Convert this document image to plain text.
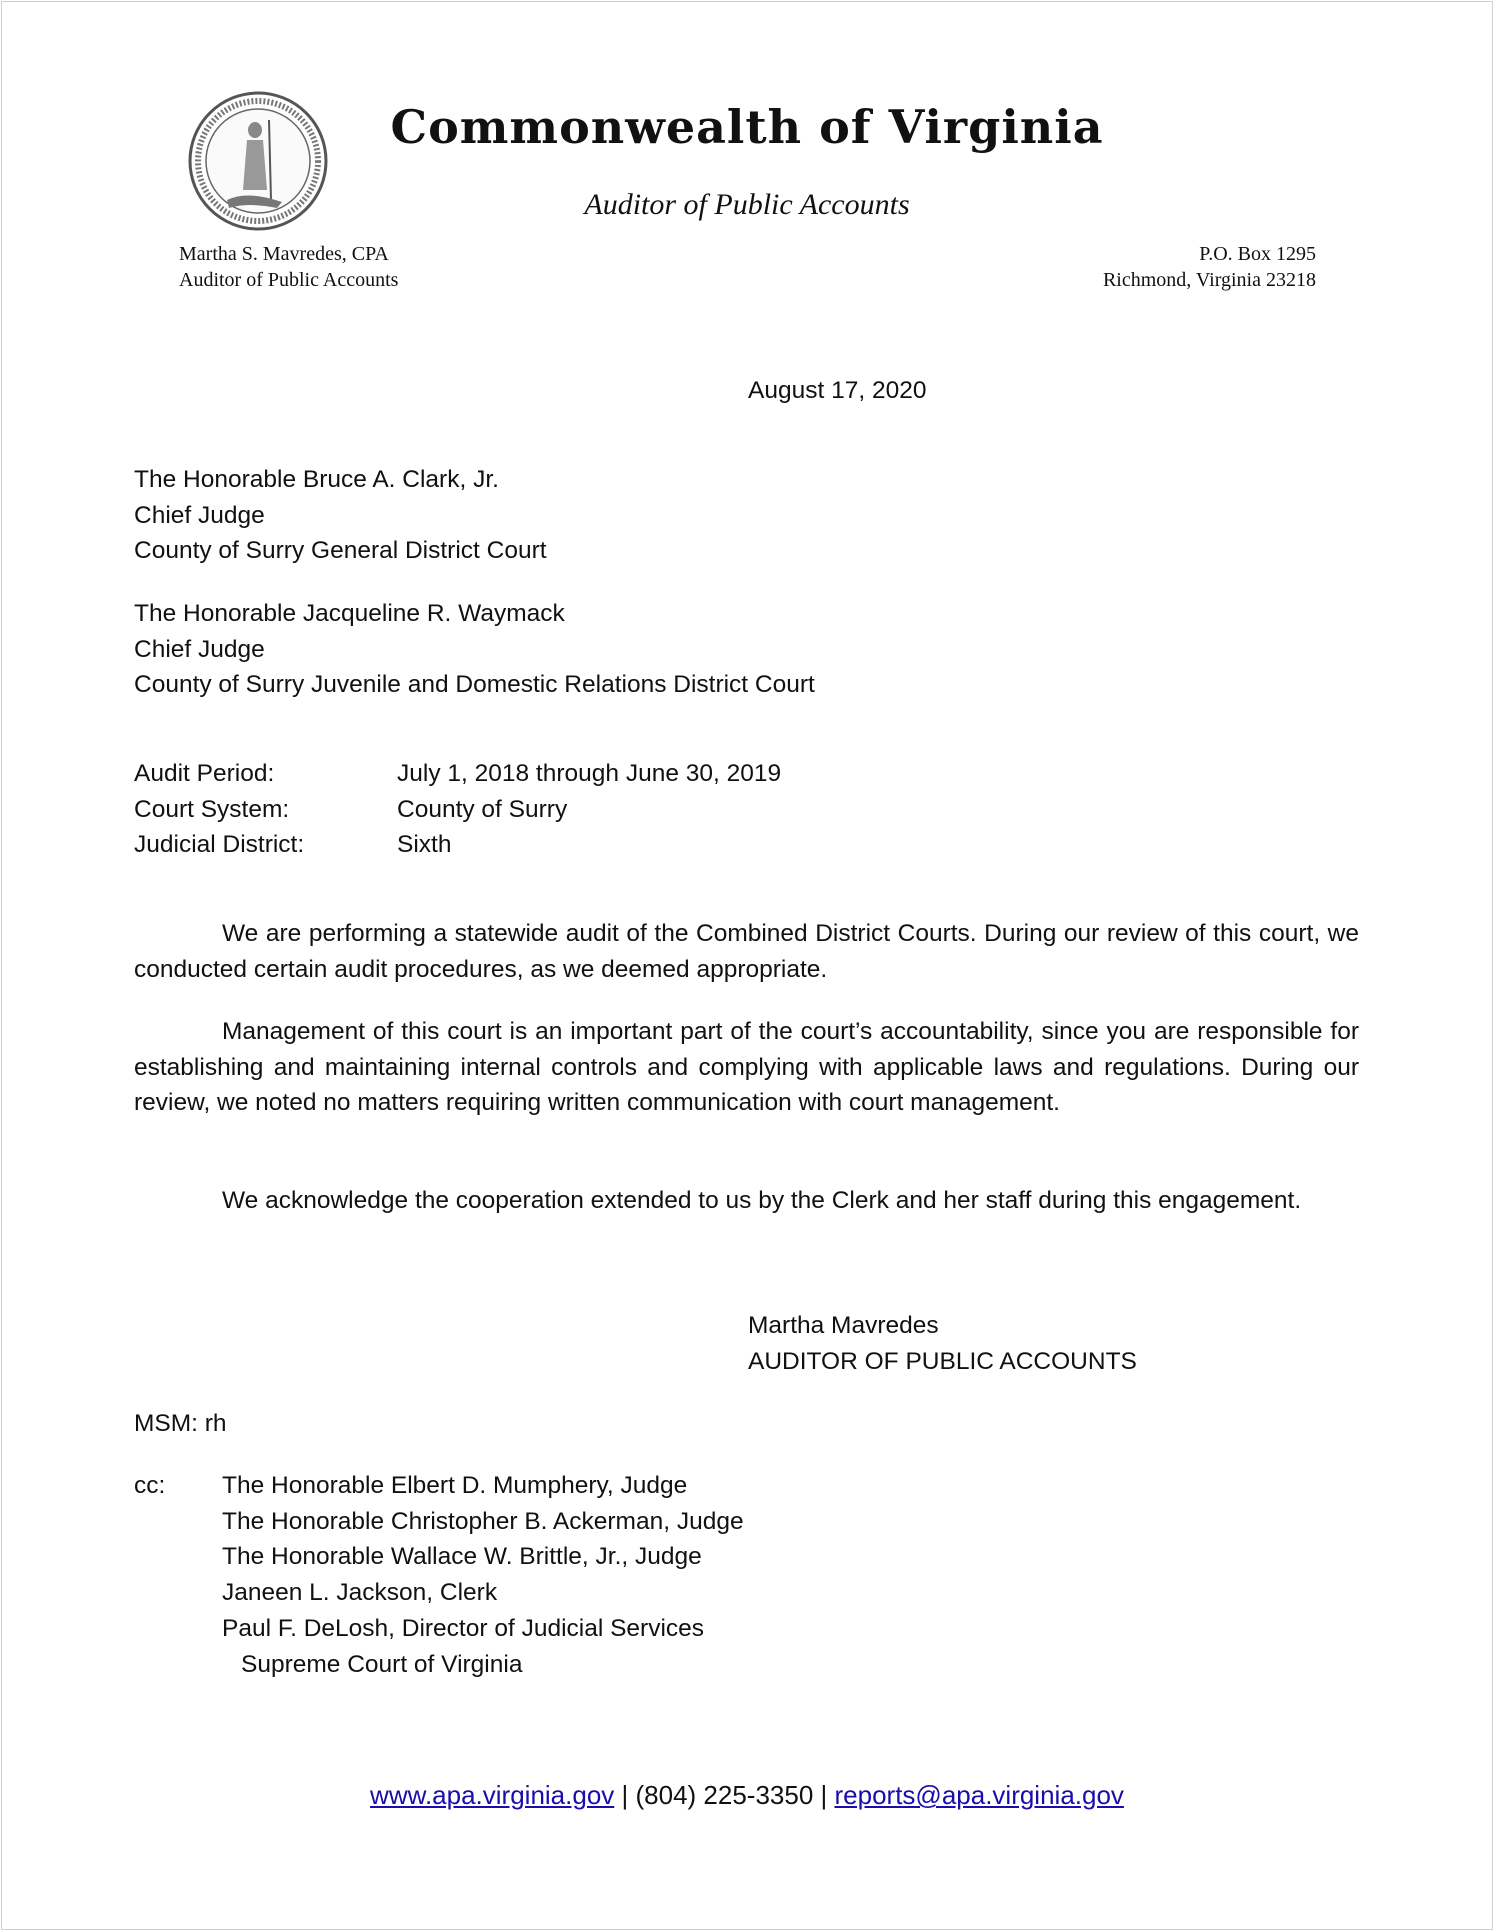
Commonwealth of Virginia
Auditor of Public Accounts
Martha S. Mavredes, CPA
Auditor of Public Accounts
P.O. Box 1295
Richmond, Virginia 23218
August 17, 2020
The Honorable Bruce A. Clark, Jr.
Chief Judge
County of Surry General District Court
The Honorable Jacqueline R. Waymack
Chief Judge
County of Surry Juvenile and Domestic Relations District Court
Audit Period:	July 1, 2018 through June 30, 2019
Court System:	County of Surry
Judicial District:	Sixth
We are performing a statewide audit of the Combined District Courts. During our review of this court, we conducted certain audit procedures, as we deemed appropriate.
Management of this court is an important part of the court’s accountability, since you are responsible for establishing and maintaining internal controls and complying with applicable laws and regulations. During our review, we noted no matters requiring written communication with court management.
We acknowledge the cooperation extended to us by the Clerk and her staff during this engagement.
Martha Mavredes
AUDITOR OF PUBLIC ACCOUNTS
MSM: rh
cc: The Honorable Elbert D. Mumphery, Judge
The Honorable Christopher B. Ackerman, Judge
The Honorable Wallace W. Brittle, Jr., Judge
Janeen L. Jackson, Clerk
Paul F. DeLosh, Director of Judicial Services
Supreme Court of Virginia
www.apa.virginia.gov | (804) 225-3350 | reports@apa.virginia.gov
